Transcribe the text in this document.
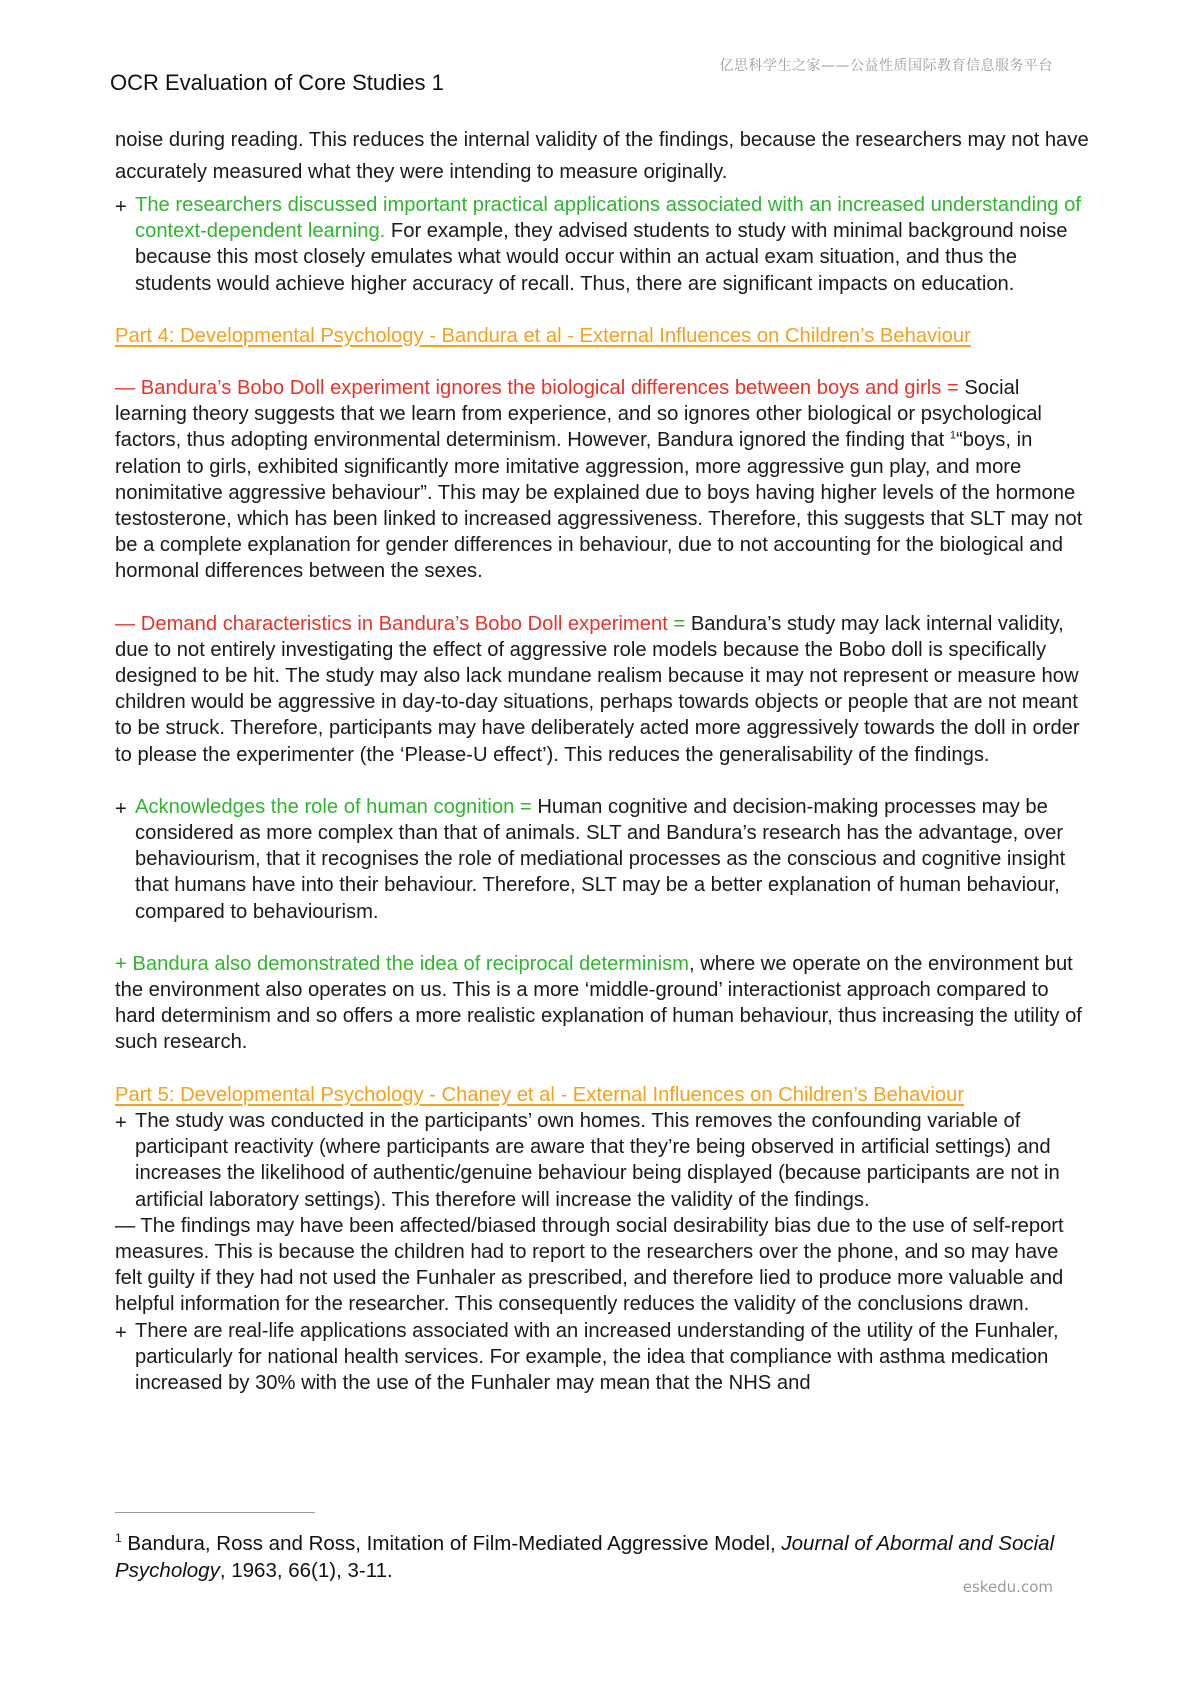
亿思科学生之家——公益性质国际教育信息服务平台
OCR Evaluation of Core Studies 1

noise during reading. This reduces the internal validity of the findings, because the researchers may not have accurately measured what they were intending to measure originally.

+ The researchers discussed important practical applications associated with an increased understanding of context-dependent learning. For example, they advised students to study with minimal background noise because this most closely emulates what would occur within an actual exam situation, and thus the students would achieve higher accuracy of recall. Thus, there are significant impacts on education.

Part 4: Developmental Psychology - Bandura et al - External Influences on Children’s Behaviour

— Bandura’s Bobo Doll experiment ignores the biological differences between boys and girls = Social learning theory suggests that we learn from experience, and so ignores other biological or psychological factors, thus adopting environmental determinism. However, Bandura ignored the finding that $^1$“boys, in relation to girls, exhibited significantly more imitative aggression, more aggressive gun play, and more nonimitative aggressive behaviour”. This may be explained due to boys having higher levels of the hormone testosterone, which has been linked to increased aggressiveness. Therefore, this suggests that SLT may not be a complete explanation for gender differences in behaviour, due to not accounting for the biological and hormonal differences between the sexes.

— Demand characteristics in Bandura’s Bobo Doll experiment = Bandura’s study may lack internal validity, due to not entirely investigating the effect of aggressive role models because the Bobo doll is specifically designed to be hit. The study may also lack mundane realism because it may not represent or measure how children would be aggressive in day-to-day situations, perhaps towards objects or people that are not meant to be struck. Therefore, participants may have deliberately acted more aggressively towards the doll in order to please the experimenter (the ‘Please-U effect’). This reduces the generalisability of the findings.

+ Acknowledges the role of human cognition = Human cognitive and decision-making processes may be considered as more complex than that of animals. SLT and Bandura’s research has the advantage, over behaviourism, that it recognises the role of mediational processes as the conscious and cognitive insight that humans have into their behaviour. Therefore, SLT may be a better explanation of human behaviour, compared to behaviourism.

+ Bandura also demonstrated the idea of reciprocal determinism, where we operate on the environment but the environment also operates on us. This is a more ‘middle-ground’ interactionist approach compared to hard determinism and so offers a more realistic explanation of human behaviour, thus increasing the utility of such research.

Part 5: Developmental Psychology - Chaney et al - External Influences on Children’s Behaviour

+ The study was conducted in the participants’ own homes. This removes the confounding variable of participant reactivity (where participants are aware that they’re being observed in artificial settings) and increases the likelihood of authentic/genuine behaviour being displayed (because participants are not in artificial laboratory settings). This therefore will increase the validity of the findings.

— The findings may have been affected/biased through social desirability bias due to the use of self-report measures. This is because the children had to report to the researchers over the phone, and so may have felt guilty if they had not used the Funhaler as prescribed, and therefore lied to produce more valuable and helpful information for the researcher. This consequently reduces the validity of the conclusions drawn.

+ There are real-life applications associated with an increased understanding of the utility of the Funhaler, particularly for national health services. For example, the idea that compliance with asthma medication increased by 30% with the use of the Funhaler may mean that the NHS and
$^1$ Bandura, Ross and Ross, Imitation of Film-Mediated Aggressive Model, Journal of Abormal and Social Psychology, 1963, 66(1), 3-11.
eskedu.com
